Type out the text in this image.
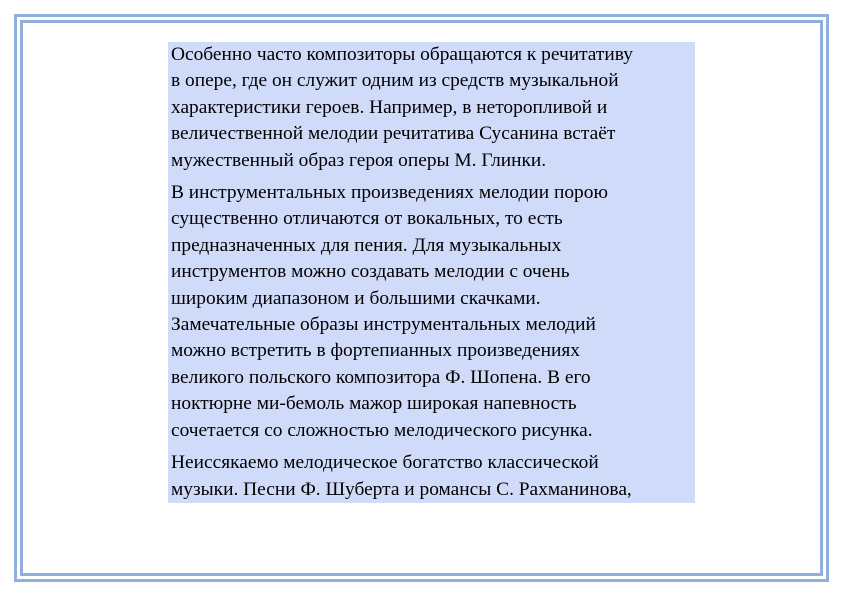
Особенно часто композиторы обращаются к речитативу
в опере, где он служит одним из средств музыкальной
характеристики героев. Например, в неторопливой и
величественной мелодии речитатива Сусанина встаёт
мужественный образ героя оперы М. Глинки.

В инструментальных произведениях мелодии порою
существенно отличаются от вокальных, то есть
предназначенных для пения. Для музыкальных
инструментов можно создавать мелодии с очень
широким диапазоном и большими скачками.
Замечательные образы инструментальных мелодий
можно встретить в фортепианных произведениях
великого польского композитора Ф. Шопена. В его
ноктюрне ми-бемоль мажор широкая напевность
сочетается со сложностью мелодического рисунка.

Неиссякаемо мелодическое богатство классической
музыки. Песни Ф. Шуберта и романсы С. Рахманинова,
